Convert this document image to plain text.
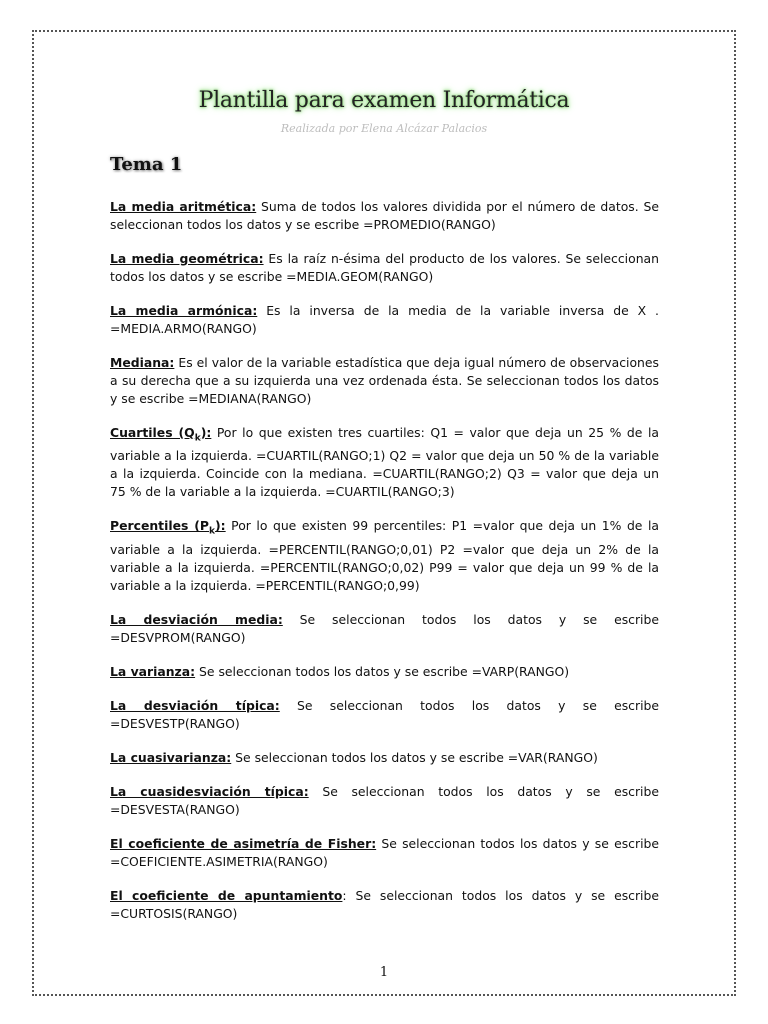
Plantilla para examen Informática
Realizada por Elena Alcázar Palacios
Tema 1

La media aritmética: Suma de todos los valores dividida por el número de datos. Se seleccionan todos los datos y se escribe =PROMEDIO(RANGO)

La media geométrica: Es la raíz n-ésima del producto de los valores. Se seleccionan todos los datos y se escribe =MEDIA.GEOM(RANGO)

La media armónica: Es la inversa de la media de la variable inversa de X . =MEDIA.ARMO(RANGO)

Mediana: Es el valor de la variable estadística que deja igual número de observaciones a su derecha que a su izquierda una vez ordenada ésta. Se seleccionan todos los datos y se escribe =MEDIANA(RANGO)

Cuartiles $(Q_k)$: Por lo que existen tres cuartiles: Q1 = valor que deja un 25 % de la variable a la izquierda. =CUARTIL(RANGO;1) Q2 = valor que deja un 50 % de la variable a la izquierda. Coincide con la mediana. =CUARTIL(RANGO;2) Q3 = valor que deja un 75 % de la variable a la izquierda. =CUARTIL(RANGO;3)

Percentiles $(P_k)$: Por lo que existen 99 percentiles: P1 =valor que deja un 1% de la variable a la izquierda. =PERCENTIL(RANGO;0,01) P2 =valor que deja un 2% de la variable a la izquierda. =PERCENTIL(RANGO;0,02) P99 = valor que deja un 99 % de la variable a la izquierda. =PERCENTIL(RANGO;0,99)

La desviación media: Se seleccionan todos los datos y se escribe =DESVPROM(RANGO)

La varianza: Se seleccionan todos los datos y se escribe =VARP(RANGO)

La desviación típica: Se seleccionan todos los datos y se escribe =DESVESTP(RANGO)

La cuasivarianza: Se seleccionan todos los datos y se escribe =VAR(RANGO)

La cuasidesviación típica: Se seleccionan todos los datos y se escribe =DESVESTA(RANGO)

El coeficiente de asimetría de Fisher: Se seleccionan todos los datos y se escribe =COEFICIENTE.ASIMETRIA(RANGO)

El coeficiente de apuntamiento: Se seleccionan todos los datos y se escribe =CURTOSIS(RANGO)

1
